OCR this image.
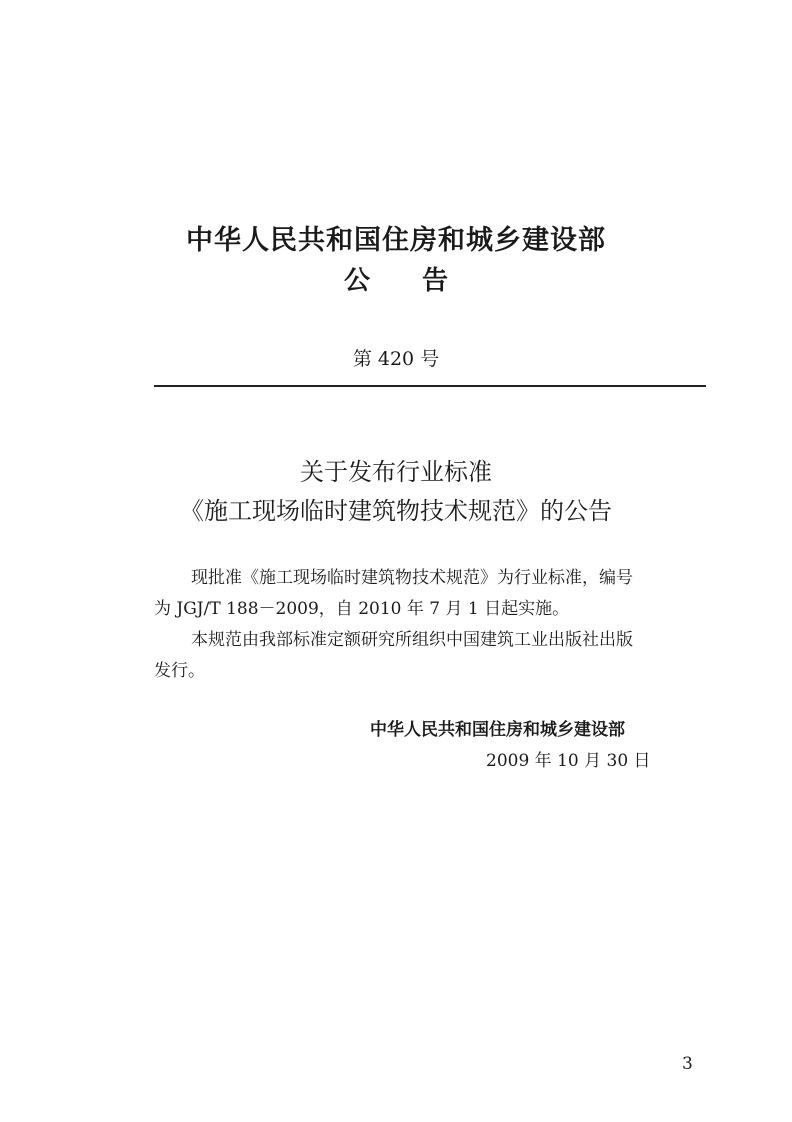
中华人民共和国住房和城乡建设部
公告
第 420 号
关于发布行业标准
《施工现场临时建筑物技术规范》的公告
现批准《施工现场临时建筑物技术规范》为行业标准，编号
为 JGJ/T 188－2009，自 2010 年 7 月 1 日起实施。
本规范由我部标准定额研究所组织中国建筑工业出版社出版
发行。
中华人民共和国住房和城乡建设部
2009 年 10 月 30 日
3
